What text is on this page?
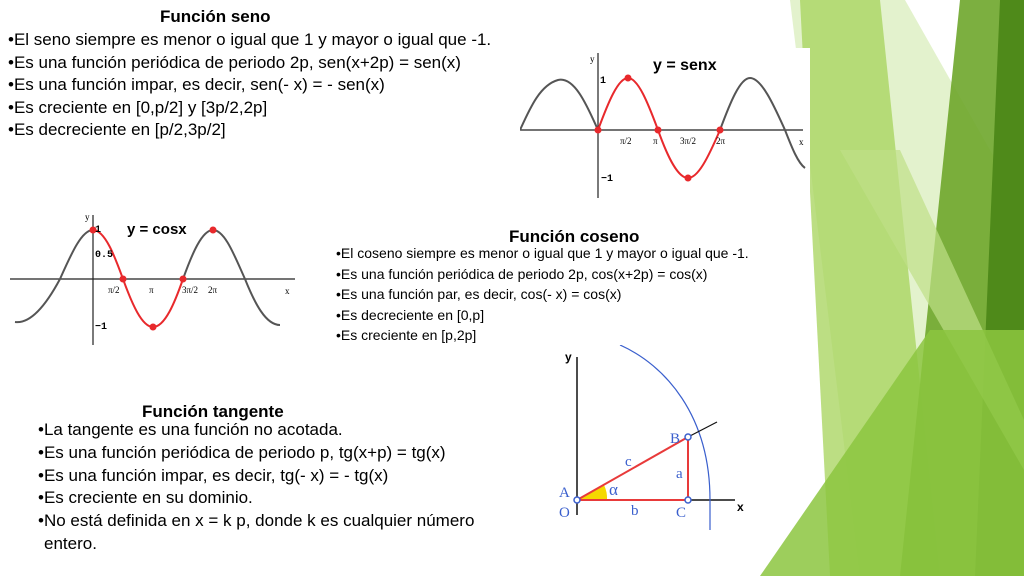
Función seno
• El seno siempre es menor o igual que 1 y mayor o igual que -1.
• Es una función periódica de periodo 2p, sen(x+2p) = sen(x)
• Es una función impar, es decir, sen(- x) = - sen(x)
• Es creciente en [0,p/2] y [3p/2,2p]
• Es decreciente en [p/2,3p/2]
y = senx
y
x
1
−1
π/2 π 3π/2 2π
y = cosx
y
x
1
0.5
−1
π/2	π	3π/2 2π
Función coseno
• El coseno siempre es menor o igual que 1 y mayor o igual que -1.
• Es una función periódica de periodo 2p, cos(x+2p) = cos(x)
• Es una función par, es decir, cos(- x) = cos(x)
• Es decreciente en [0,p]
• Es creciente en [p,2p]
y
x
A
O
B
C
c
a
b
α
Función tangente
• La tangente es una función no acotada.
• Es una función periódica de periodo p, tg(x+p) = tg(x)
• Es una función impar, es decir, tg(- x) = - tg(x)
• Es creciente en su dominio.
• No está definida en x = k p, donde k es cualquier número
entero.
